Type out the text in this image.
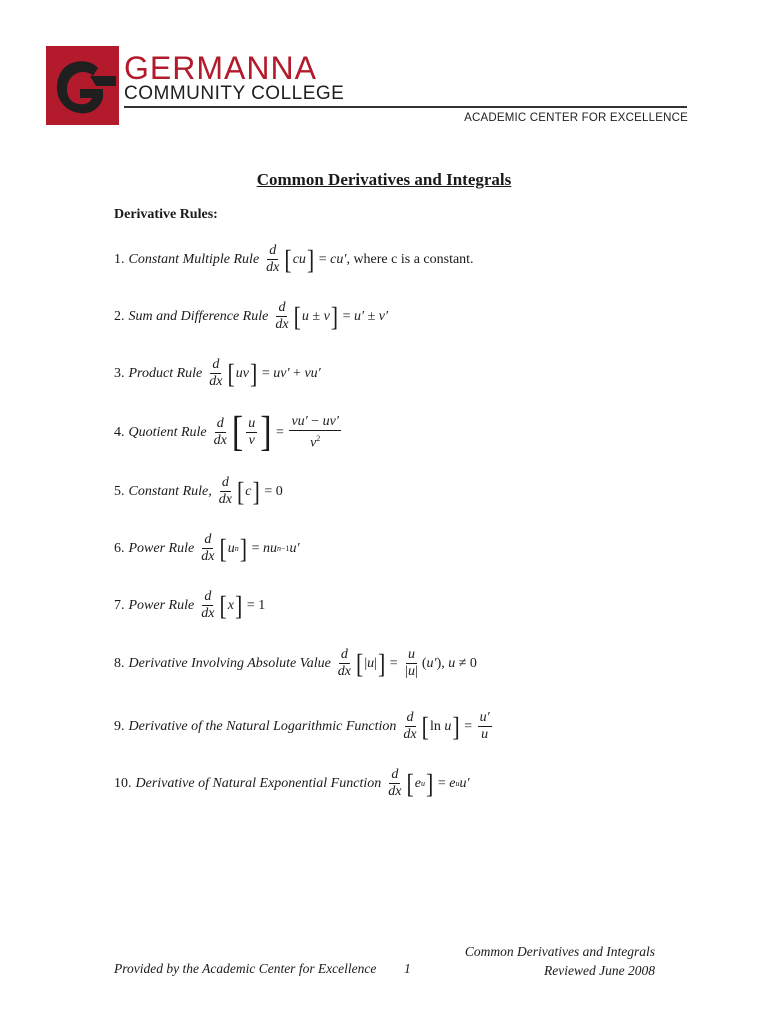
GERMANNA
COMMUNITY COLLEGE
ACADEMIC CENTER FOR EXCELLENCE
Common Derivatives and Integrals
Derivative Rules:
1. Constant Multiple Rule $\frac{d}{dx}$ [ cu ] = cu′ , where c is a constant.
2. Sum and Difference Rule $\frac{d}{dx}$ [ u ± v ] = u′ ± v′
3. Product Rule $\frac{d}{dx}$ [ uv ] = uv′ + vu′
4. Quotient Rule $\frac{d}{dx}$ [ $\frac{u}{v}$ ] = $\frac{vu' - uv'}{v^2}$
5. Constant Rule, $\frac{d}{dx}$ [ c ] = 0
6. Power Rule $\frac{d}{dx}$ [ u n ] = nu n−1 u′
7. Power Rule $\frac{d}{dx}$ [ x ] = 1
8. Derivative Involving Absolute Value $\frac{d}{dx}$ [ | u | ] = $\frac{u}{|u|}$ ( u′ ), u ≠ 0
9. Derivative of the Natural Logarithmic Function $\frac{d}{dx}$ [ ln
u ] = $\frac{u'}{u}$
10. Derivative of Natural Exponential Function $\frac{d}{dx}$ [ e u ] = e u u′
Provided by the Academic Center for Excellence 1
Common Derivatives and Integrals
Reviewed June 2008
